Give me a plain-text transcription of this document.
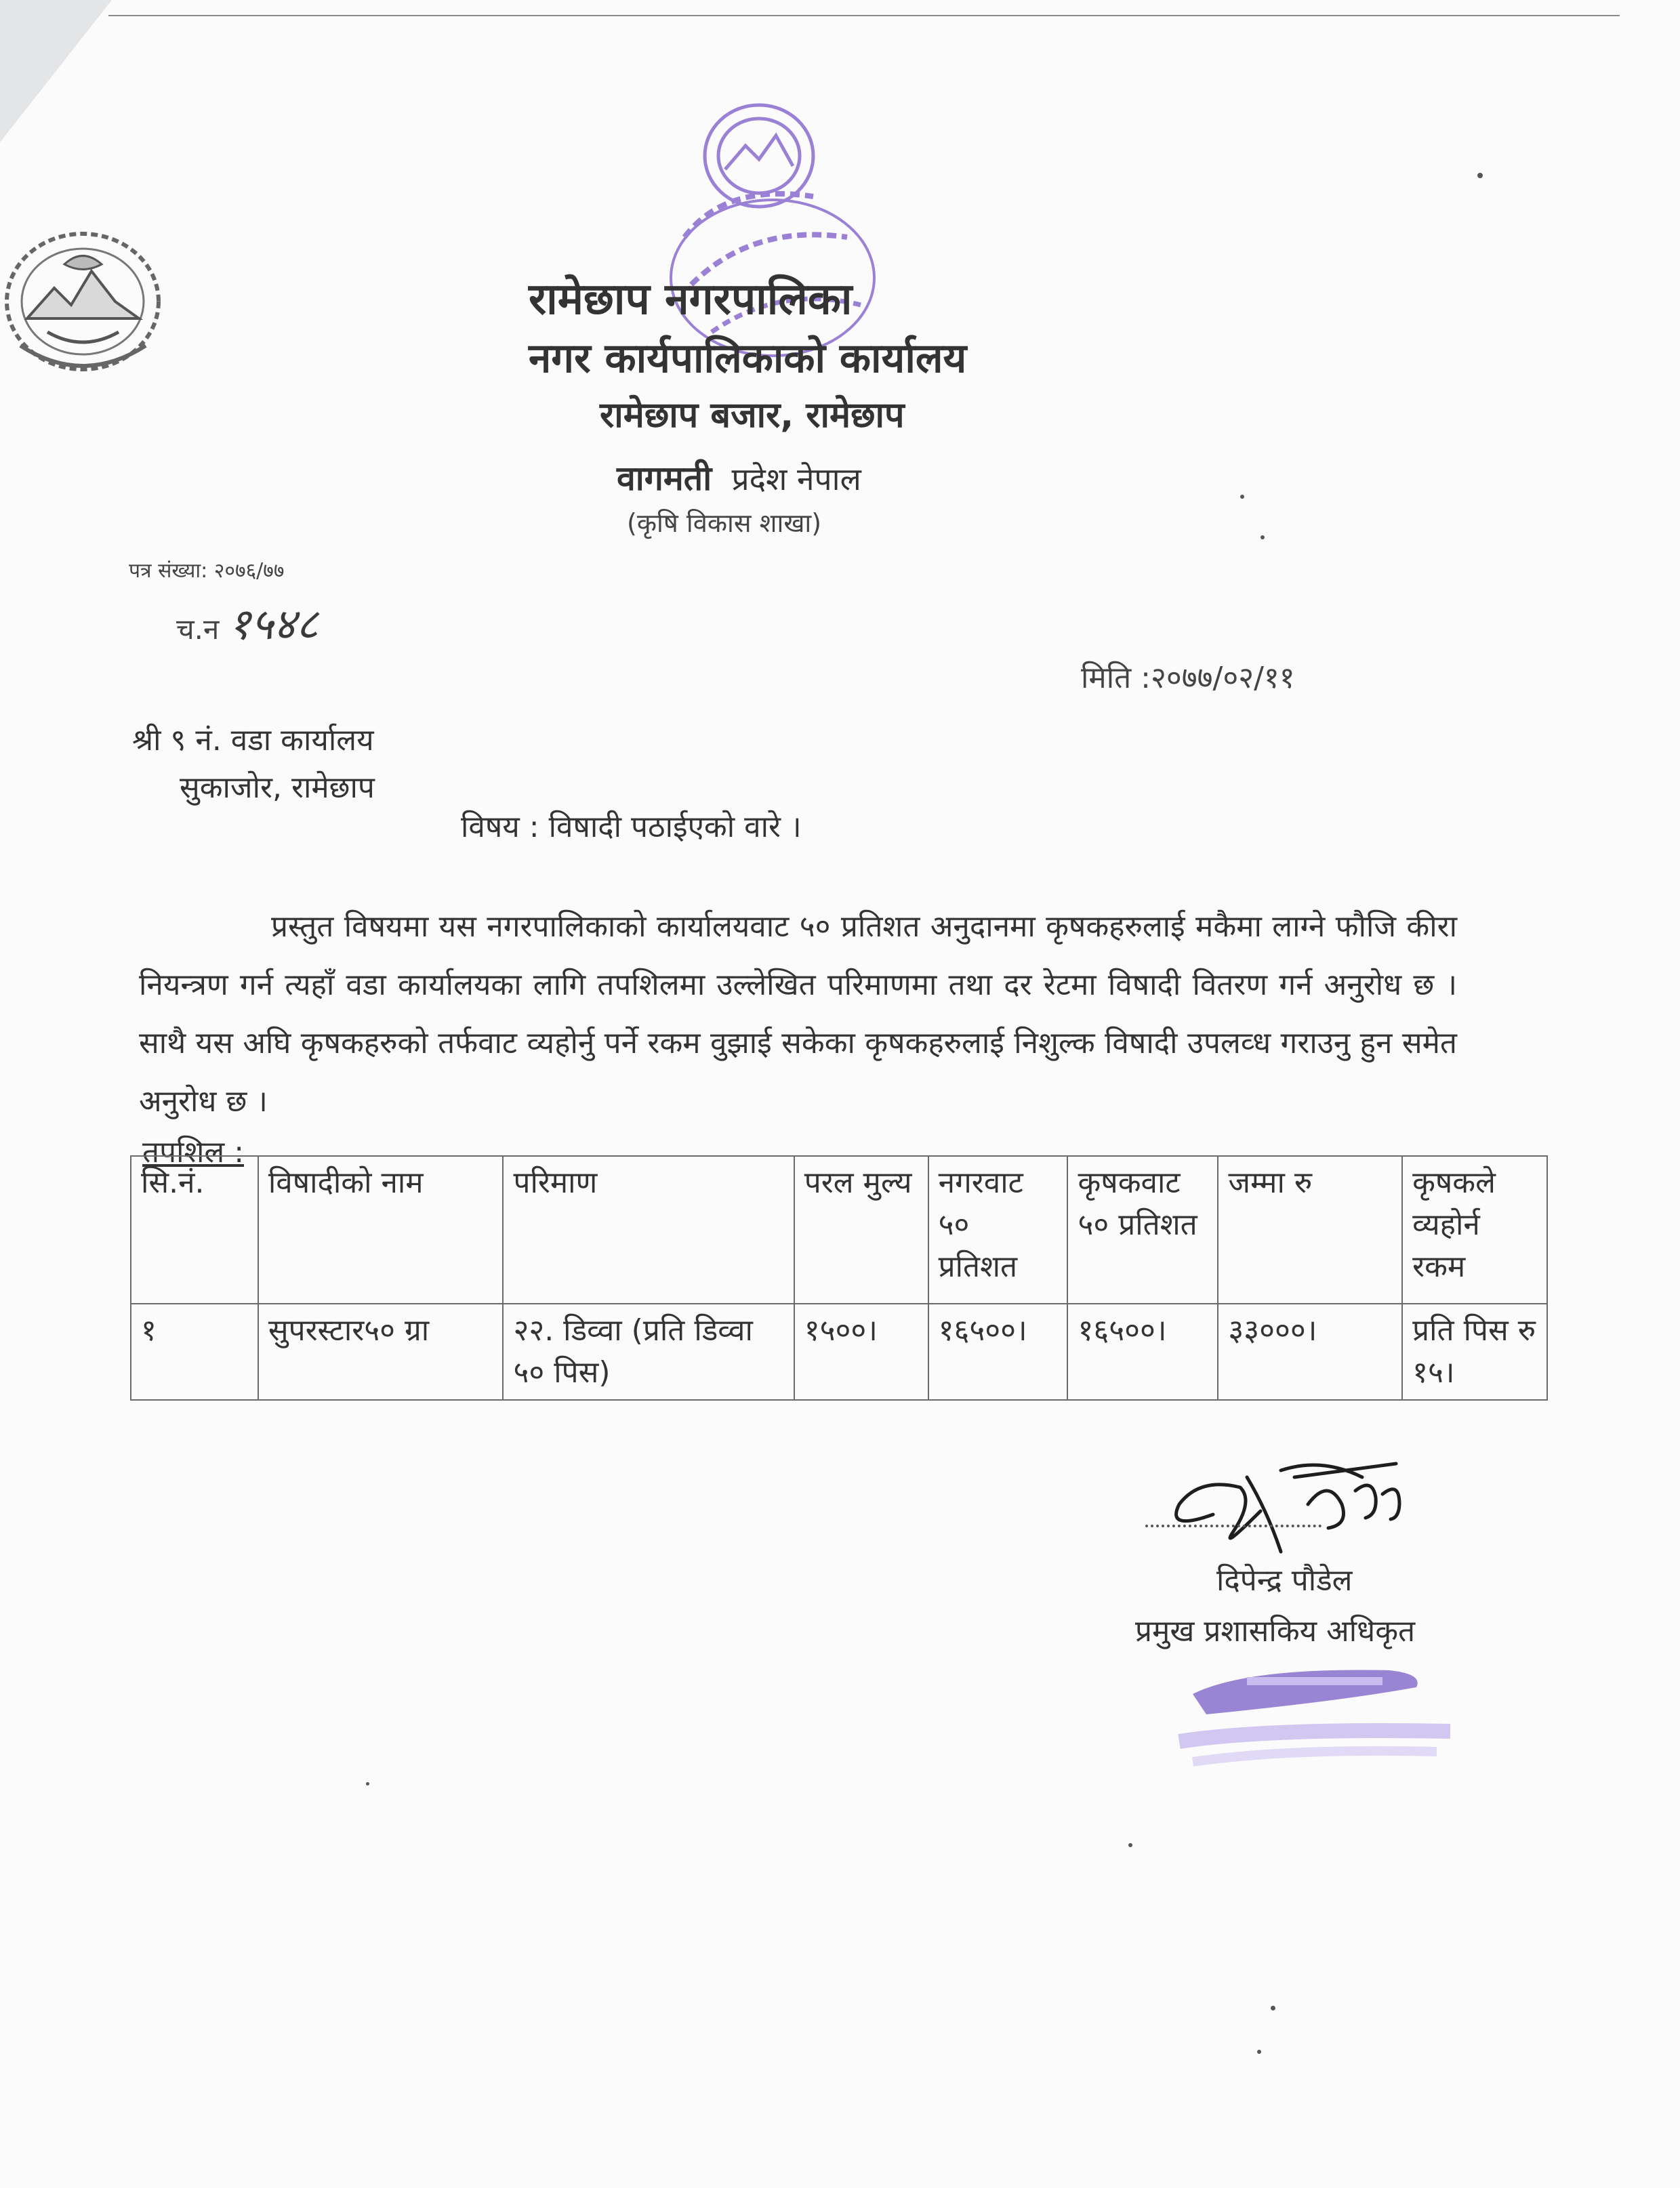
रामेछाप नगरपालिका
नगर कार्यपालिकाको कार्यालय
रामेछाप बजार, रामेछाप
वागमती प्रदेश नेपाल
(कृषि विकास शाखा)
पत्र संख्या: २०७६/७७
च.न १५४८
मिति :२०७७/०२/११
श्री ९ नं. वडा कार्यालय
सुकाजोर, रामेछाप
विषय : विषादी पठाईएको वारे ।
प्रस्तुत विषयमा यस नगरपालिकाको कार्यालयवाट ५० प्रतिशत अनुदानमा कृषकहरुलाई मकैमा लाग्ने फौजि कीरा नियन्त्रण गर्न त्यहाँ वडा कार्यालयका लागि तपशिलमा उल्लेखित परिमाणमा तथा दर रेटमा विषादी वितरण गर्न अनुरोध छ । साथै यस अघि कृषकहरुको तर्फवाट व्यहोर्नु पर्ने रकम वुझाई सकेका कृषकहरुलाई निशुल्क विषादी उपलव्ध गराउनु हुन समेत अनुरोध छ ।
तपशिल :
सि.नं.	विषादीको नाम	परिमाण	परल मुल्य	नगरवाट ५० प्रतिशत	कृषकवाट ५० प्रतिशत	जम्मा रु	कृषकले व्यहोर्न रकम
१	सुपरस्टार५० ग्रा	२२. डिव्वा (प्रति डिव्वा ५० पिस)	१५००।	१६५००।	१६५००।	३३०००।	प्रति पिस रु १५।
दिपेन्द्र पौडेल
प्रमुख प्रशासकिय अधिकृत
